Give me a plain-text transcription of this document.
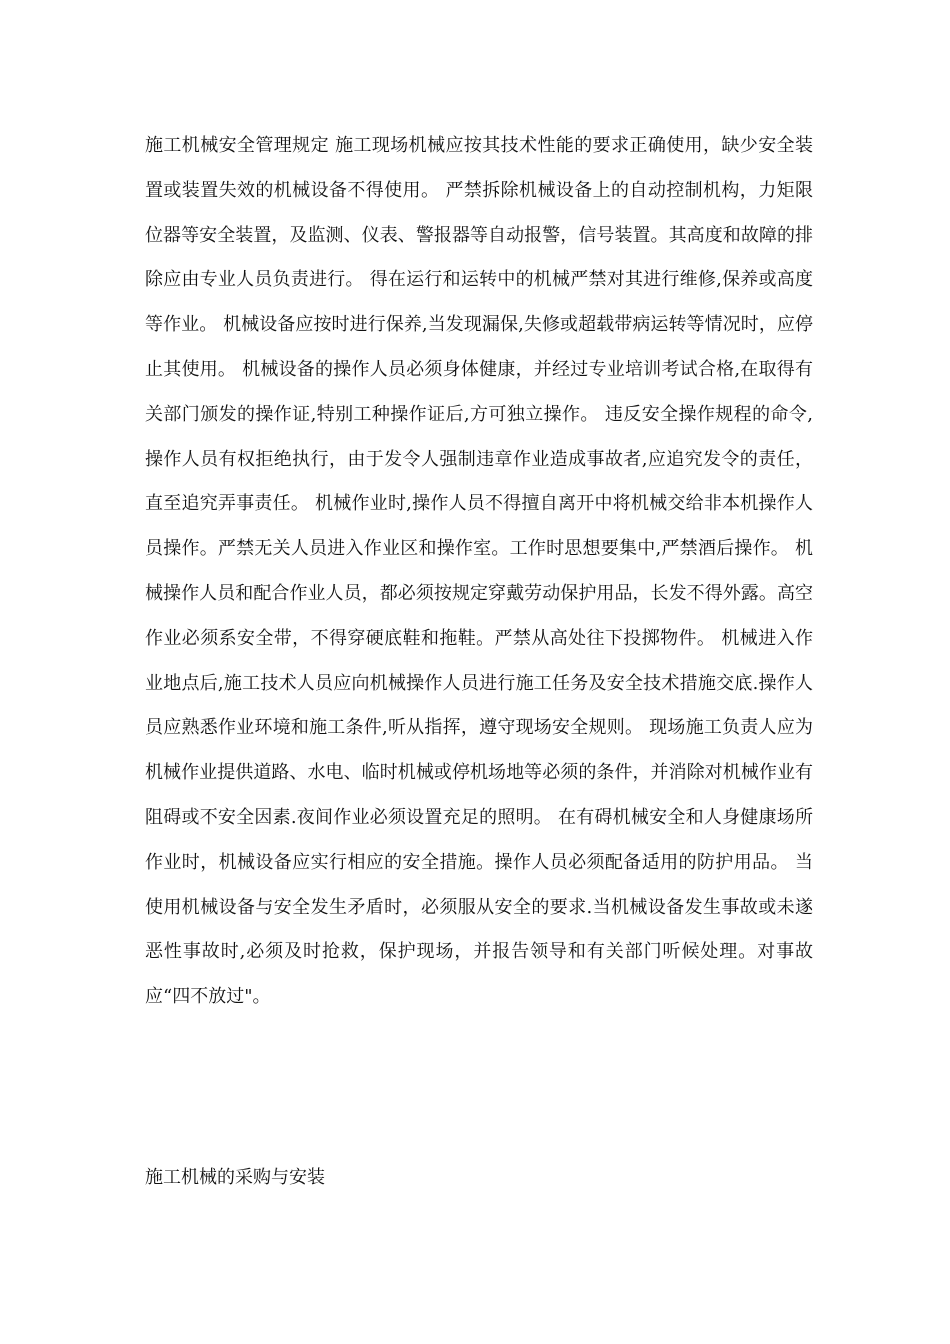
施工机械安全管理规定 施工现场机械应按其技术性能的要求正确使用，缺少安全装置或装置失效的机械设备不得使用。 严禁拆除机械设备上的自动控制机构，力矩限位器等安全装置，及监测、仪表、警报器等自动报警，信号装置。其高度和故障的排除应由专业人员负责进行。 得在运行和运转中的机械严禁对其进行维修,保养或高度等作业。 机械设备应按时进行保养,当发现漏保,失修或超载带病运转等情况时，应停止其使用。 机械设备的操作人员必须身体健康，并经过专业培训考试合格,在取得有关部门颁发的操作证,特别工种操作证后,方可独立操作。 违反安全操作规程的命令,操作人员有权拒绝执行，由于发令人强制违章作业造成事故者,应追究发令的责任，直至追究弄事责任。 机械作业时,操作人员不得擅自离开中将机械交给非本机操作人员操作。严禁无关人员进入作业区和操作室。工作时思想要集中,严禁酒后操作。 机械操作人员和配合作业人员，都必须按规定穿戴劳动保护用品，长发不得外露。高空作业必须系安全带，不得穿硬底鞋和拖鞋。严禁从高处往下投掷物件。 机械进入作业地点后,施工技术人员应向机械操作人员进行施工任务及安全技术措施交底.操作人员应熟悉作业环境和施工条件,听从指挥，遵守现场安全规则。 现场施工负责人应为机械作业提供道路、水电、临时机械或停机场地等必须的条件，并消除对机械作业有阻碍或不安全因素.夜间作业必须设置充足的照明。 在有碍机械安全和人身健康场所作业时，机械设备应实行相应的安全措施。操作人员必须配备适用的防护用品。 当使用机械设备与安全发生矛盾时，必须服从安全的要求.当机械设备发生事故或未遂恶性事故时,必须及时抢救，保护现场，并报告领导和有关部门听候处理。对事故应“四不放过"。

施工机械的采购与安装
